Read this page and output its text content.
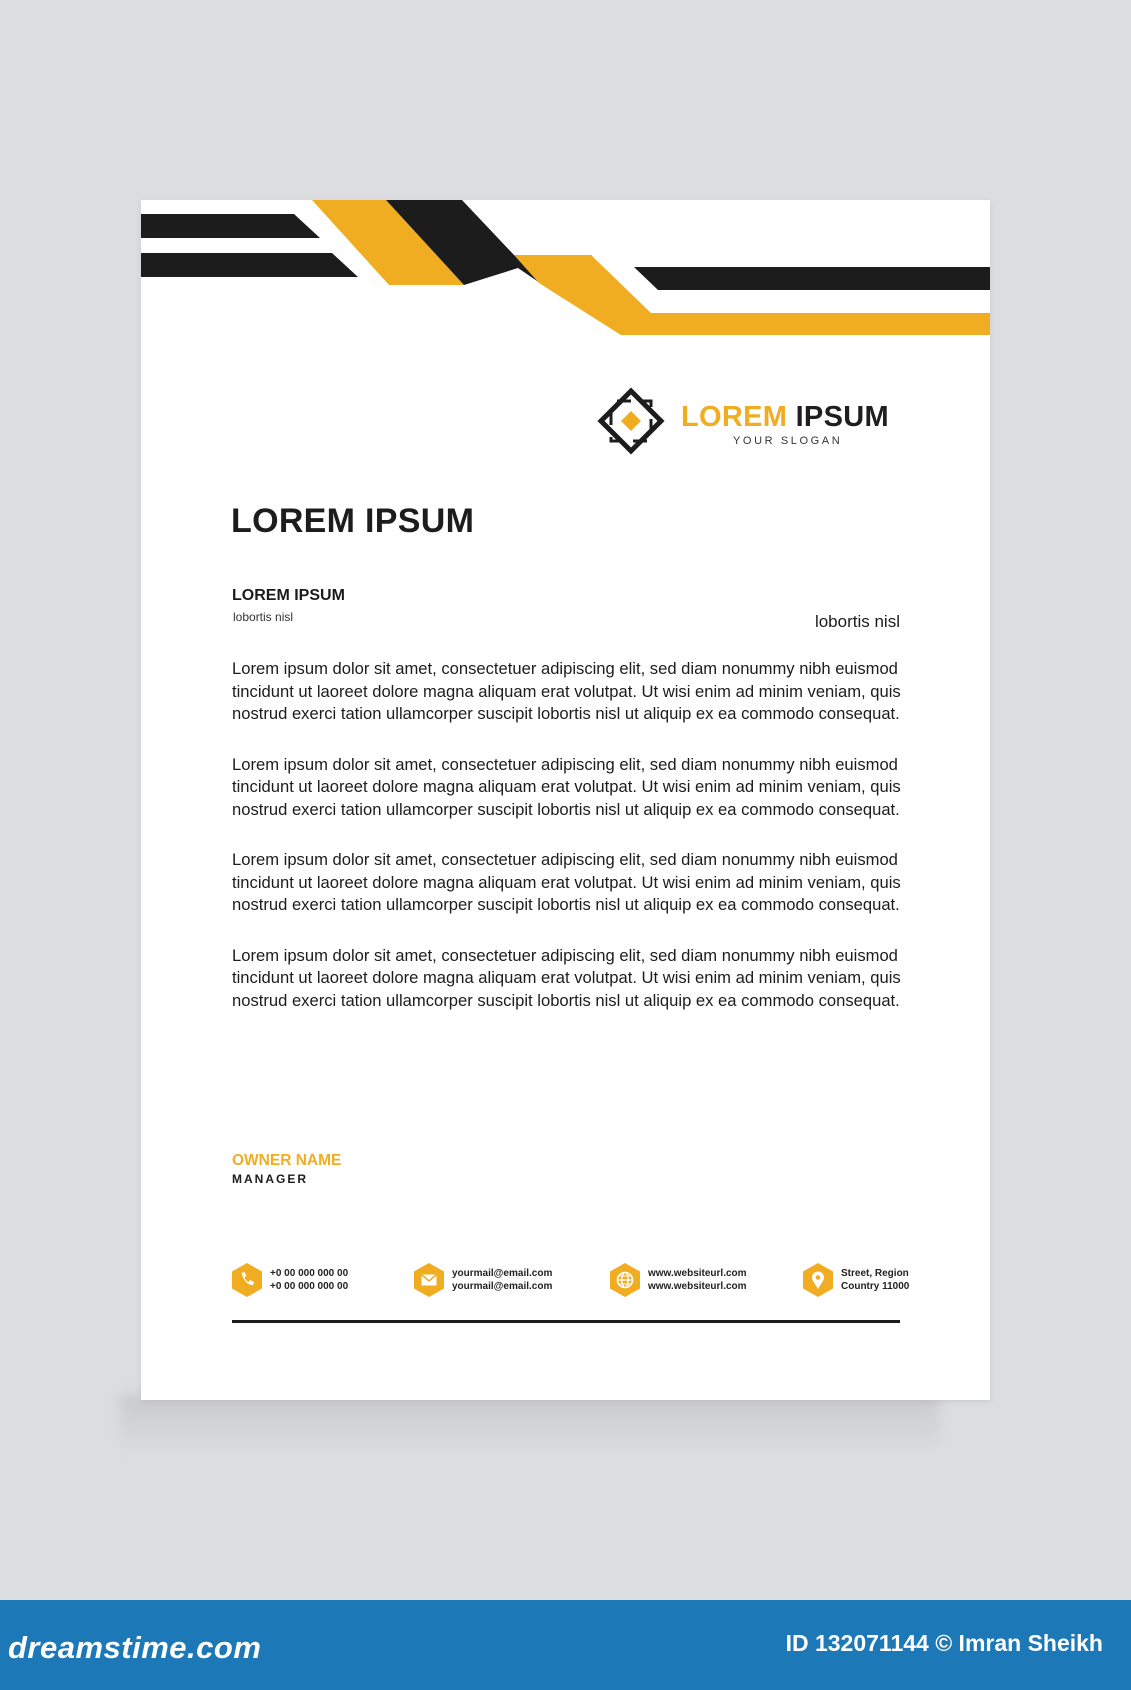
LOREM IPSUM
YOUR SLOGAN
LOREM IPSUM
LOREM IPSUM
lobortis nisl	lobortis nisl

Lorem ipsum dolor sit amet, consectetuer adipiscing elit, sed diam nonummy nibh euismod tincidunt ut laoreet dolore magna aliquam erat volutpat. Ut wisi enim ad minim veniam, quis nostrud exerci tation ullamcorper suscipit lobortis nisl ut aliquip ex ea commodo consequat.

Lorem ipsum dolor sit amet, consectetuer adipiscing elit, sed diam nonummy nibh euismod tincidunt ut laoreet dolore magna aliquam erat volutpat. Ut wisi enim ad minim veniam, quis nostrud exerci tation ullamcorper suscipit lobortis nisl ut aliquip ex ea commodo consequat.

Lorem ipsum dolor sit amet, consectetuer adipiscing elit, sed diam nonummy nibh euismod tincidunt ut laoreet dolore magna aliquam erat volutpat. Ut wisi enim ad minim veniam, quis nostrud exerci tation ullamcorper suscipit lobortis nisl ut aliquip ex ea commodo consequat.

Lorem ipsum dolor sit amet, consectetuer adipiscing elit, sed diam nonummy nibh euismod tincidunt ut laoreet dolore magna aliquam erat volutpat. Ut wisi enim ad minim veniam, quis nostrud exerci tation ullamcorper suscipit lobortis nisl ut aliquip ex ea commodo consequat.

OWNER NAME
MANAGER
+0 00 000 000 00
+0 00 000 000 00
yourmail@email.com
yourmail@email.com
www.websiteurl.com
www.websiteurl.com
Street, Region
Country 11000
dreamstime.com	ID 132071144 © Imran Sheikh
